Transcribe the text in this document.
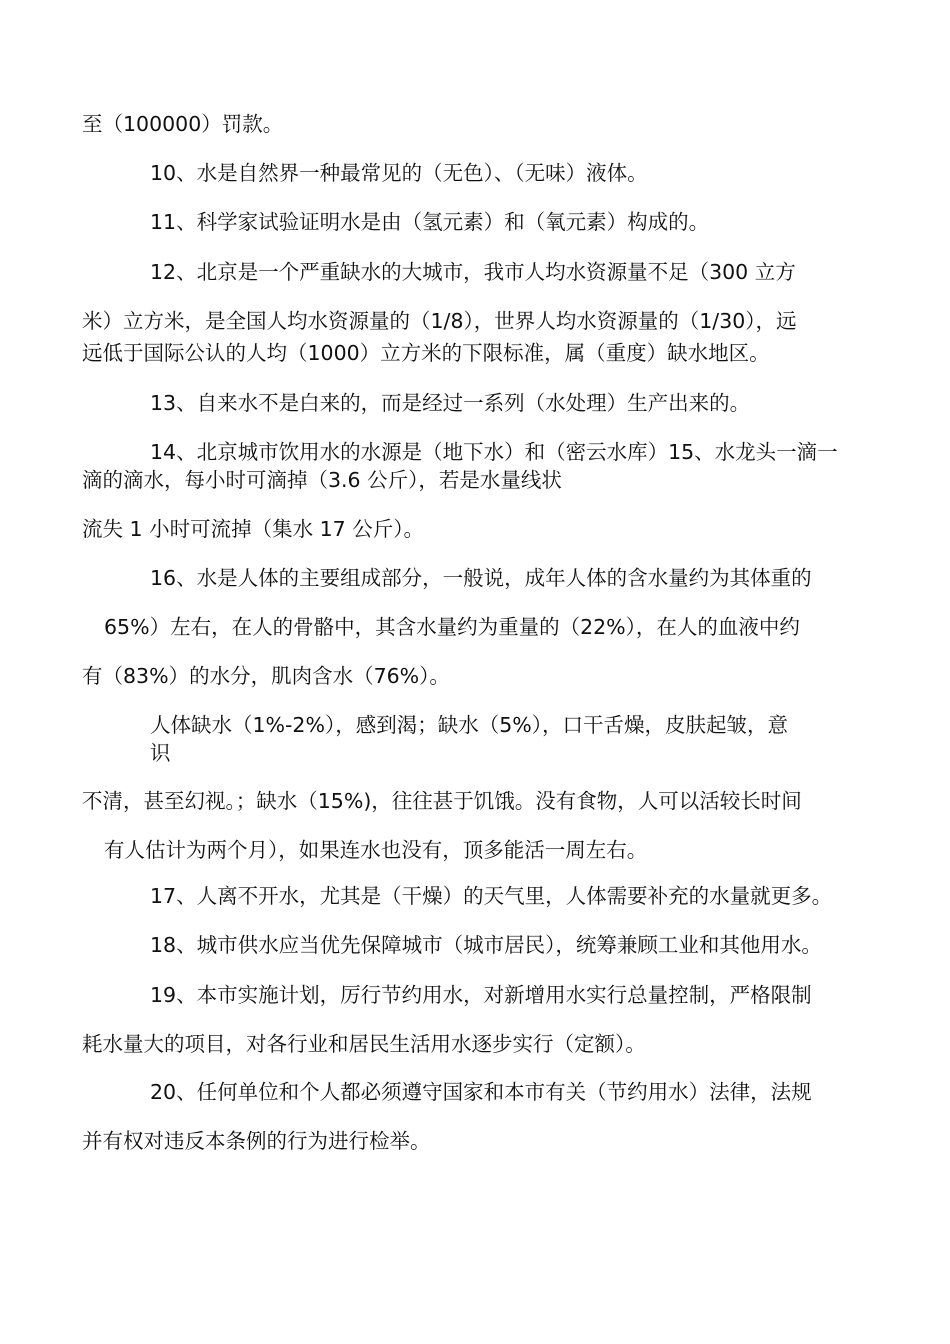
至（100000）罚款。
10、水是自然界一种最常见的（无色）、（无味）液体。
11、科学家试验证明水是由（氢元素）和（氧元素）构成的。
12、北京是一个严重缺水的大城市，我市人均水资源量不足（300 立方
米）立方米，是全国人均水资源量的（1/8），世界人均水资源量的（1/30），远
远低于国际公认的人均（1000）立方米的下限标准，属（重度）缺水地区。
13、自来水不是白来的，而是经过一系列（水处理）生产出来的。
14、北京城市饮用水的水源是（地下水）和（密云水库）15、水龙头一滴一
滴的滴水，每小时可滴掉（3.6 公斤），若是水量线状
流失 1 小时可流掉（集水 17 公斤）。
16、水是人体的主要组成部分，一般说，成年人体的含水量约为其体重的
65%）左右，在人的骨骼中，其含水量约为重量的（22%），在人的血液中约
有（83%）的水分，肌肉含水（76%）。
人体缺水（1%-2%），感到渴；缺水（5%），口干舌燥，皮肤起皱，意
识
不清，甚至幻视。；缺水（15%)，往往甚于饥饿。没有食物，人可以活较长时间
有人估计为两个月），如果连水也没有，顶多能活一周左右。
17、人离不开水，尤其是（干燥）的天气里，人体需要补充的水量就更多。
18、城市供水应当优先保障城市（城市居民），统筹兼顾工业和其他用水。
19、本市实施计划，厉行节约用水，对新增用水实行总量控制，严格限制
耗水量大的项目，对各行业和居民生活用水逐步实行（定额）。
20、任何单位和个人都必须遵守国家和本市有关（节约用水）法律，法规
并有权对违反本条例的行为进行检举。
